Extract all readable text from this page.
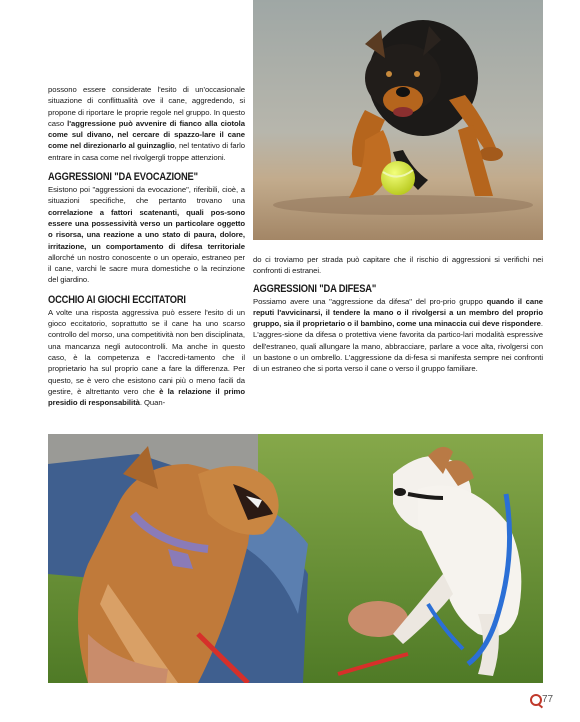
possono essere considerate l'esito di un'occasionale situazione di conflittualità ove il cane, aggredendo, si propone di riportare le proprie regole nel gruppo. In questo caso l'aggressione può avvenire di fianco alla ciotola come sul divano, nel cercare di spazzo-lare il cane come nel direzionarlo al guinzaglio, nel tentativo di farlo entrare in casa come nel rivolgergli troppe attenzioni.

AGGRESSIONI "DA EVOCAZIONE"

Esistono poi "aggressioni da evocazione", riferibili, cioè, a situazioni specifiche, che pertanto trovano una correlazione a fattori scatenanti, quali pos-sono essere una possessività verso un particolare oggetto o risorsa, una reazione a uno stato di paura, dolore, irritazione, un comportamento di difesa territoriale allorché un nostro conoscente o un operaio, estraneo per il cane, varchi le sacre mura domestiche o la recinzione del giardino.

OCCHIO AI GIOCHI ECCITATORI

A volte una risposta aggressiva può essere l'esito di un gioco eccitatorio, soprattutto se il cane ha uno scarso controllo del morso, una competitività non ben disciplinata, una mancanza negli autocontrolli. Ma anche in questo caso, è la competenza e l'accredi-tamento che il proprietario ha sul proprio cane a fare la differenza. Per questo, se è vero che esistono cani più o meno facili da gestire, è altrettanto vero che è la relazione il primo presidio di responsabilità. Quan-

do ci troviamo per strada può capitare che il rischio di aggressioni si verifichi nei confronti di estranei.

AGGRESSIONI "DA DIFESA"

Possiamo avere una "aggressione da difesa" del pro-prio gruppo quando il cane reputi l'avvicinarsi, il tendere la mano o il rivolgersi a un membro del proprio gruppo, sia il proprietario o il bambino, come una minaccia cui deve rispondere. L'aggres-sione da difesa o protettiva viene favorita da partico-lari modalità espressive dell'estraneo, quali allungare la mano, abbracciare, parlare a voce alta, rivolgersi con un bastone o un ombrello. L'aggressione da di-fesa si manifesta sempre nei confronti di un estraneo che si porta verso il cane o verso il gruppo familiare.

77
